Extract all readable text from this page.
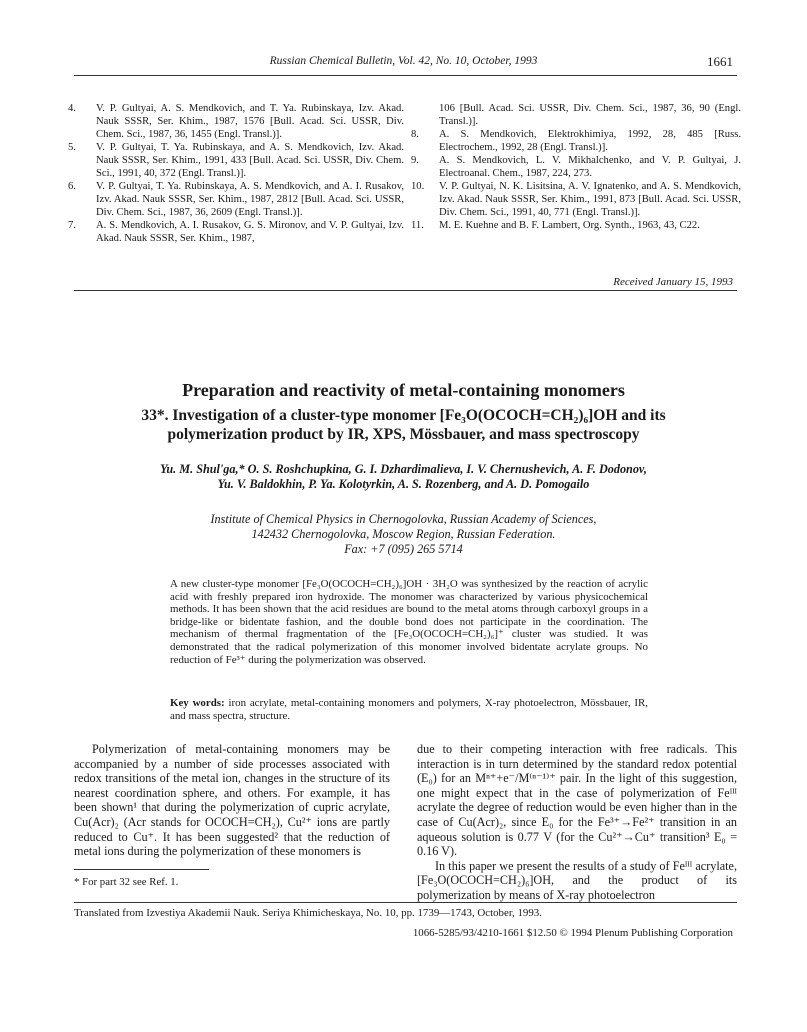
Russian Chemical Bulletin, Vol. 42, No. 10, October, 1993	1661
4. V. P. Gultyai, A. S. Mendkovich, and T. Ya. Rubinskaya, Izv. Akad. Nauk SSSR, Ser. Khim., 1987, 1576 [Bull. Acad. Sci. USSR, Div. Chem. Sci., 1987, 36, 1455 (Engl. Transl.)].
5. V. P. Gultyai, T. Ya. Rubinskaya, and A. S. Mendkovich, Izv. Akad. Nauk SSSR, Ser. Khim., 1991, 433 [Bull. Acad. Sci. USSR, Div. Chem. Sci., 1991, 40, 372 (Engl. Transl.)].
6. V. P. Gultyai, T. Ya. Rubinskaya, A. S. Mendkovich, and A. I. Rusakov, Izv. Akad. Nauk SSSR, Ser. Khim., 1987, 2812 [Bull. Acad. Sci. USSR, Div. Chem. Sci., 1987, 36, 2609 (Engl. Transl.)].
7. A. S. Mendkovich, A. I. Rusakov, G. S. Mironov, and V. P. Gultyai, Izv. Akad. Nauk SSSR, Ser. Khim., 1987,
106 [Bull. Acad. Sci. USSR, Div. Chem. Sci., 1987, 36, 90 (Engl. Transl.)].
8. A. S. Mendkovich, Elektrokhimiya, 1992, 28, 485 [Russ. Electrochem., 1992, 28 (Engl. Transl.)].
9. A. S. Mendkovich, L. V. Mikhalchenko, and V. P. Gultyai, J. Electroanal. Chem., 1987, 224, 273.
10. V. P. Gultyai, N. K. Lisitsina, A. V. Ignatenko, and A. S. Mendkovich, Izv. Akad. Nauk SSSR, Ser. Khim., 1991, 873 [Bull. Acad. Sci. USSR, Div. Chem. Sci., 1991, 40, 771 (Engl. Transl.)].
11. M. E. Kuehne and B. F. Lambert, Org. Synth., 1963, 43, C22.
Received January 15, 1993
Preparation and reactivity of metal-containing monomers
33*. Investigation of a cluster-type monomer [Fe₃O(OCOCH=CH₂)₆]OH and its
polymerization product by IR, XPS, Mössbauer, and mass spectroscopy
Yu. M. Shul'ga,* O. S. Roshchupkina, G. I. Dzhardimalieva, I. V. Chernushevich, A. F. Dodonov,
Yu. V. Baldokhin, P. Ya. Kolotyrkin, A. S. Rozenberg, and A. D. Pomogailo
Institute of Chemical Physics in Chernogolovka, Russian Academy of Sciences,
142432 Chernogolovka, Moscow Region, Russian Federation.
Fax: +7 (095) 265 5714
A new cluster-type monomer [Fe₃O(OCOCH=CH₂)₆]OH · 3H₂O was synthesized by the reaction of acrylic acid with freshly prepared iron hydroxide. The monomer was characterized by various physicochemical methods. It has been shown that the acid residues are bound to the metal atoms through carboxyl groups in a bridge-like or bidentate fashion, and the double bond does not participate in the coordination. The mechanism of thermal fragmentation of the [Fe₃O(OCOCH=CH₂)₆]⁺ cluster was studied. It was demonstrated that the radical polymerization of this monomer involved bidentate acrylate groups. No reduction of Fe³⁺ during the polymerization was observed.
Key words: iron acrylate, metal-containing monomers and polymers, X-ray photoelectron, Mössbauer, IR, and mass spectra, structure.

Polymerization of metal-containing monomers may be accompanied by a number of side processes associated with redox transitions of the metal ion, changes in the structure of its nearest coordination sphere, and others. For example, it has been shown¹ that during the polymerization of cupric acrylate, Cu(Acr)₂ (Acr stands for OCOCH=CH₂), Cu²⁺ ions are partly reduced to Cu⁺. It has been suggested² that the reduction of metal ions during the polymerization of these monomers is

due to their competing interaction with free radicals. This interaction is in turn determined by the standard redox potential (E₀) for an Mⁿ⁺+e⁻/M⁽ⁿ⁻¹⁾⁺ pair. In the light of this suggestion, one might expect that in the case of polymerization of Feᴵᴵᴵ acrylate the degree of reduction would be even higher than in the case of Cu(Acr)₂, since E₀ for the Fe³⁺→Fe²⁺ transition in an aqueous solution is 0.77 V (for the Cu²⁺→Cu⁺ transition³ E₀ = 0.16 V).

In this paper we present the results of a study of Feᴵᴵᴵ acrylate, [Fe₃O(OCOCH=CH₂)₆]OH, and the product of its polymerization by means of X-ray photoelectron

* For part 32 see Ref. 1.
Translated from Izvestiya Akademii Nauk. Seriya Khimicheskaya, No. 10, pp. 1739—1743, October, 1993.
1066-5285/93/4210-1661 $12.50 © 1994 Plenum Publishing Corporation
